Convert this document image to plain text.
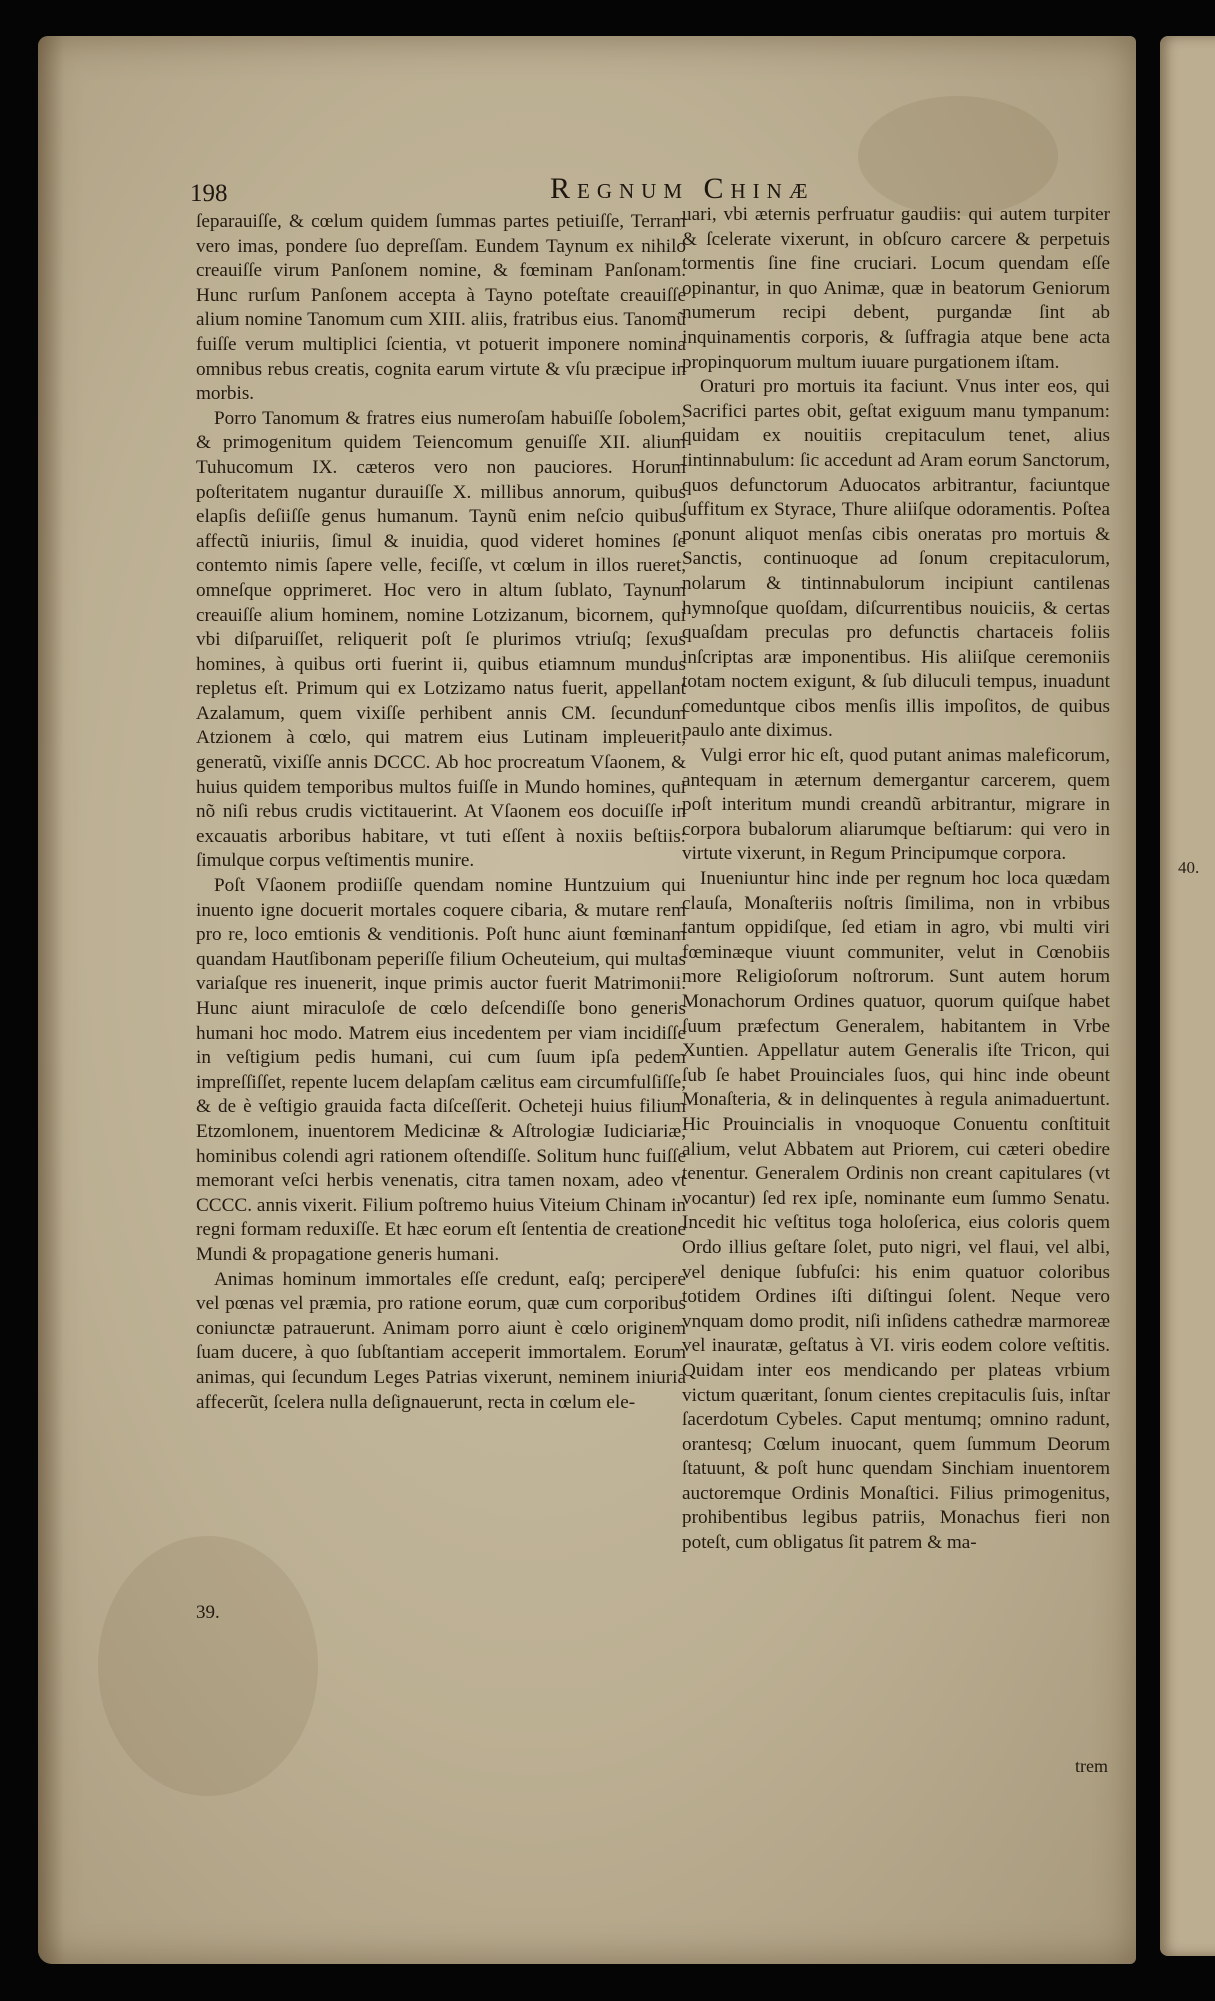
40.
198	Regnum Chinæ

ſeparauiſſe, & cœlum quidem ſummas partes petiuiſſe, Terram vero imas, pondere ſuo depreſſam. Eundem Taynum ex nihilo creauiſſe virum Panſonem nomine, & fœminam Panſonam. Hunc rurſum Panſonem accepta à Tayno poteſtate creauiſſe alium nomine Tanomum cum XIII. aliis, fratribus eius. Tanomũ fuiſſe verum multiplici ſcientia, vt potuerit imponere nomina omnibus rebus creatis, cognita earum virtute & vſu præcipue in morbis.

Porro Tanomum & fratres eius numeroſam habuiſſe ſobolem, & primogenitum quidem Teiencomum genuiſſe XII. alium Tuhucomum IX. cæteros vero non pauciores. Horum poſteritatem nugantur durauiſſe X. millibus annorum, quibus elapſis deſiiſſe genus humanum. Taynũ enim neſcio quibus affectũ iniuriis, ſimul & inuidia, quod videret homines ſe contemto nimis ſapere velle, feciſſe, vt cœlum in illos rueret, omneſque opprimeret. Hoc vero in altum ſublato, Taynum creauiſſe alium hominem, nomine Lotzizanum, bicornem, qui vbi diſparuiſſet, reliquerit poſt ſe plurimos vtriuſq; ſexus homines, à quibus orti fuerint ii, quibus etiamnum mundus repletus eſt. Primum qui ex Lotzizamo natus fuerit, appellant Azalamum, quem vixiſſe perhibent annis CM. ſecundum Atzionem à cœlo, qui matrem eius Lutinam impleuerit, generatũ, vixiſſe annis DCCC. Ab hoc procreatum Vſaonem, & huius quidem temporibus multos fuiſſe in Mundo homines, qui nõ niſi rebus crudis victitauerint. At Vſaonem eos docuiſſe in excauatis arboribus habitare, vt tuti eſſent à noxiis beſtiis: ſimulque corpus veſtimentis munire.

Poſt Vſaonem prodiiſſe quendam nomine Huntzuium qui inuento igne docuerit mortales coquere cibaria, & mutare rem pro re, loco emtionis & venditionis. Poſt hunc aiunt fœminam quandam Hautſibonam peperiſſe filium Ocheuteium, qui multas variaſque res inuenerit, inque primis auctor fuerit Matrimonii. Hunc aiunt miraculoſe de cœlo deſcendiſſe bono generis humani hoc modo. Matrem eius incedentem per viam incidiſſe in veſtigium pedis humani, cui cum ſuum ipſa pedem impreſſiſſet, repente lucem delapſam cælitus eam circumfulſiſſe, & de è veſtigio grauida facta diſceſſerit. Ocheteji huius filium Etzomlonem, inuentorem Medicinæ & Aſtrologiæ Iudiciariæ, hominibus colendi agri rationem oſtendiſſe. Solitum hunc fuiſſe memorant veſci herbis venenatis, citra tamen noxam, adeo vt CCCC. annis vixerit. Filium poſtremo huius Viteium Chinam in regni formam reduxiſſe. Et hæc eorum eſt ſententia de creatione Mundi & propagatione generis humani.

Animas hominum immortales eſſe credunt, eaſq; percipere vel pœnas vel præmia, pro ratione eorum, quæ cum corporibus coniunctæ patrauerunt. Animam porro aiunt è cœlo originem ſuam ducere, à quo ſubſtantiam acceperit immortalem. Eorum animas, qui ſecundum Leges Patrias vixerunt, neminem iniuria affecerũt, ſcelera nulla deſignauerunt, recta in cœlum ele-

39.

uari, vbi æternis perfruatur gaudiis: qui autem turpiter & ſcelerate vixerunt, in obſcuro carcere & perpetuis tormentis ſine fine cruciari. Locum quendam eſſe opinantur, in quo Animæ, quæ in beatorum Geniorum numerum recipi debent, purgandæ ſint ab inquinamentis corporis, & ſuffragia atque bene acta propinquorum multum iuuare purgationem iſtam.

Oraturi pro mortuis ita faciunt. Vnus inter eos, qui Sacrifici partes obit, geſtat exiguum manu tympanum: quidam ex nouitiis crepitaculum tenet, alius tintinnabulum: ſic accedunt ad Aram eorum Sanctorum, quos defunctorum Aduocatos arbitrantur, faciuntque ſuffitum ex Styrace, Thure aliiſque odoramentis. Poſtea ponunt aliquot menſas cibis oneratas pro mortuis & Sanctis, continuoque ad ſonum crepitaculorum, nolarum & tintinnabulorum incipiunt cantilenas hymnoſque quoſdam, diſcurrentibus nouiciis, & certas quaſdam preculas pro defunctis chartaceis foliis inſcriptas aræ imponentibus. His aliiſque ceremoniis totam noctem exigunt, & ſub diluculi tempus, inuadunt comeduntque cibos menſis illis impoſitos, de quibus paulo ante diximus.

Vulgi error hic eſt, quod putant animas maleficorum, antequam in æternum demergantur carcerem, quem poſt interitum mundi creandũ arbitrantur, migrare in corpora bubalorum aliarumque beſtiarum: qui vero in virtute vixerunt, in Regum Principumque corpora.

Inueniuntur hinc inde per regnum hoc loca quædam clauſa, Monaſteriis noſtris ſimilima, non in vrbibus tantum oppidiſque, ſed etiam in agro, vbi multi viri fœminæque viuunt communiter, velut in Cœnobiis more Religioſorum noſtrorum. Sunt autem horum Monachorum Ordines quatuor, quorum quiſque habet ſuum præfectum Generalem, habitantem in Vrbe Xuntien. Appellatur autem Generalis iſte Tricon, qui ſub ſe habet Prouinciales ſuos, qui hinc inde obeunt Monaſteria, & in delinquentes à regula animaduertunt. Hic Prouincialis in vnoquoque Conuentu conſtituit alium, velut Abbatem aut Priorem, cui cæteri obedire tenentur. Generalem Ordinis non creant capitulares (vt vocantur) ſed rex ipſe, nominante eum ſummo Senatu. Incedit hic veſtitus toga holoſerica, eius coloris quem Ordo illius geſtare ſolet, puto nigri, vel flaui, vel albi, vel denique ſubfuſci: his enim quatuor coloribus totidem Ordines iſti diſtingui ſolent. Neque vero vnquam domo prodit, niſi inſidens cathedræ marmoreæ vel inauratæ, geſtatus à VI. viris eodem colore veſtitis. Quidam inter eos mendicando per plateas vrbium victum quæritant, ſonum cientes crepitaculis ſuis, inſtar ſacerdotum Cybeles. Caput mentumq; omnino radunt, orantesq; Cœlum inuocant, quem ſummum Deorum ſtatuunt, & poſt hunc quendam Sinchiam inuentorem auctoremque Ordinis Monaſtici. Filius primogenitus, prohibentibus legibus patriis, Monachus fieri non poteſt, cum obligatus ſit patrem & ma-

trem
